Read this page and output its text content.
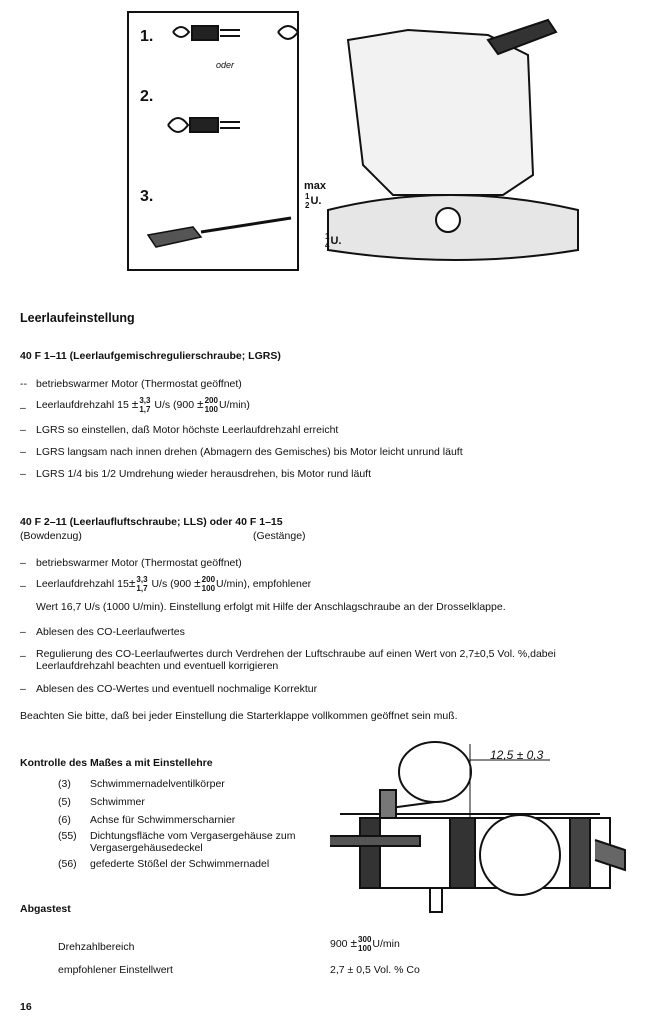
1.
oder
2.
3.
max

1
2 U.
1
4 U.
Leerlaufeinstellung
40 F 1–11 (Leerlaufgemischregulierschraube; LGRS)
-- betriebswarmer Motor (Thermostat geöffnet)
– Leerlaufdrehzahl 15 ± 3,3
1,7 U/s (900 ± 200
100 U/min)
– LGRS so einstellen, daß Motor höchste Leerlaufdrehzahl erreicht
– LGRS langsam nach innen drehen (Abmagern des Gemisches) bis Motor leicht unrund läuft
– LGRS 1/4 bis 1/2 Umdrehung wieder herausdrehen, bis Motor rund läuft
40 F 2–11 (Leerlaufluftschraube; LLS) oder 40 F 1–15
(Bowdenzug)	(Gestänge)
– betriebswarmer Motor (Thermostat geöffnet)
– Leerlaufdrehzahl 15± 3,3
1,7 U/s (900 ± 200
100 U/min), empfohlener
Wert 16,7 U/s (1000 U/min). Einstellung erfolgt mit Hilfe der Anschlagschraube an der Drosselklappe.
– Ablesen des CO-Leerlaufwertes
– Regulierung des CO-Leerlaufwertes durch Verdrehen der Luftschraube auf einen Wert von 2,7±0,5 Vol. %,dabei
Leerlaufdrehzahl beachten und eventuell korrigieren
– Ablesen des CO-Wertes und eventuell nochmalige Korrektur
Beachten Sie bitte, daß bei jeder Einstellung die Starterklappe vollkommen geöffnet sein muß.
Kontrolle des Maßes a mit Einstellehre
(3)	Schwimmernadelventilkörper
(5)	Schwimmer
(6)	Achse für Schwimmerscharnier
(55)	Dichtungsfläche vom Vergasergehäuse zum
Vergasergehäusedeckel
(56)	gefederte Stößel der Schwimmernadel
12,5 ± 0,3
Abgastest
Drehzahlbereich	900 ± 300
100 U/min
empfohlener Einstellwert	2,7 ± 0,5 Vol. % Co
16
